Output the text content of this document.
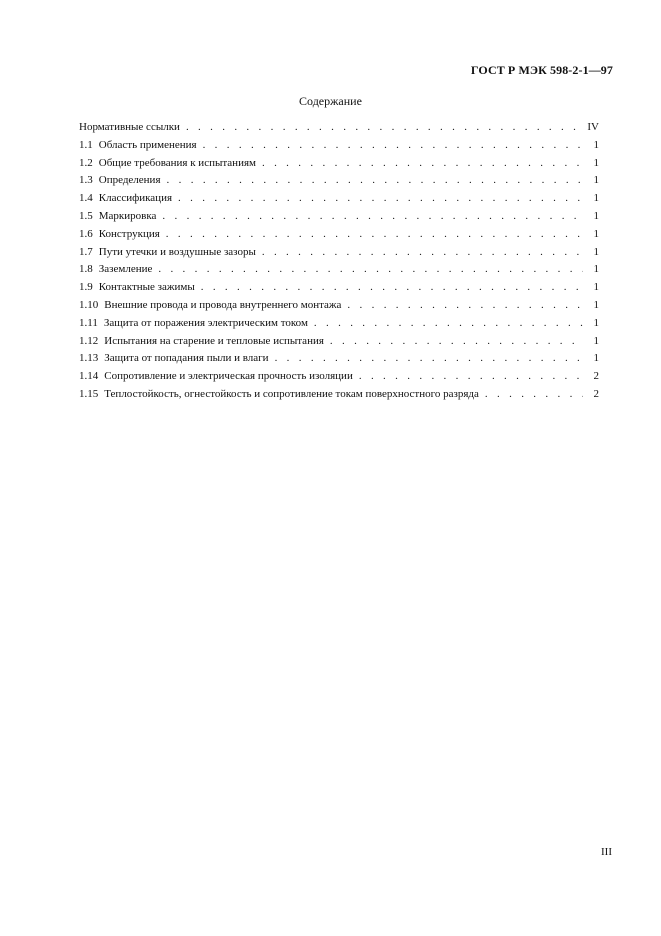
ГОСТ Р МЭК 598-2-1—97
Содержание
Нормативные ссылки . . .	IV
1.1 Область применения . . .	1
1.2 Общие требования к испытаниям . . .	1
1.3 Определения . . .	1
1.4 Классификация . . .	1
1.5 Маркировка . . .	1
1.6 Конструкция . . .	1
1.7 Пути утечки и воздушные зазоры . . .	1
1.8 Заземление . . .	1
1.9 Контактные зажимы . . .	1
1.10 Внешние провода и провода внутреннего монтажа . . .	1
1.11 Защита от поражения электрическим током . . .	1
1.12 Испытания на старение и тепловые испытания . . .	1
1.13 Защита от попадания пыли и влаги . . .	1
1.14 Сопротивление и электрическая прочность изоляции . . .	2
1.15 Теплостойкость, огнестойкость и сопротивление токам поверхностного разряда . . .	2
III
